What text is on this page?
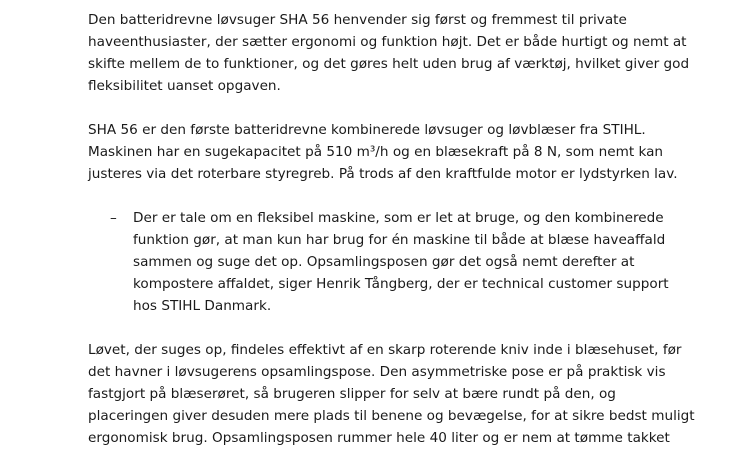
Den batteridrevne løvsuger SHA 56 henvender sig først og fremmest til private
haveenthusiaster, der sætter ergonomi og funktion højt. Det er både hurtigt og nemt at
skifte mellem de to funktioner, og det gøres helt uden brug af værktøj, hvilket giver god
fleksibilitet uanset opgaven.

SHA 56 er den første batteridrevne kombinerede løvsuger og løvblæser fra STIHL.
Maskinen har en sugekapacitet på 510 m³/h og en blæsekraft på 8 N, som nemt kan
justeres via det roterbare styregreb. På trods af den kraftfulde motor er lydstyrken lav.

– Der er tale om en fleksibel maskine, som er let at bruge, og den kombinerede
funktion gør, at man kun har brug for én maskine til både at blæse haveaffald
sammen og suge det op. Opsamlingsposen gør det også nemt derefter at
kompostere affaldet, siger Henrik Tångberg, der er technical customer support
hos STIHL Danmark.

Løvet, der suges op, findeles effektivt af en skarp roterende kniv inde i blæsehuset, før
det havner i løvsugerens opsamlingspose. Den asymmetriske pose er på praktisk vis
fastgjort på blæserøret, så brugeren slipper for selv at bære rundt på den, og
placeringen giver desuden mere plads til benene og bevægelse, for at sikre bedst muligt
ergonomisk brug. Opsamlingsposen rummer hele 40 liter og er nem at tømme takket
